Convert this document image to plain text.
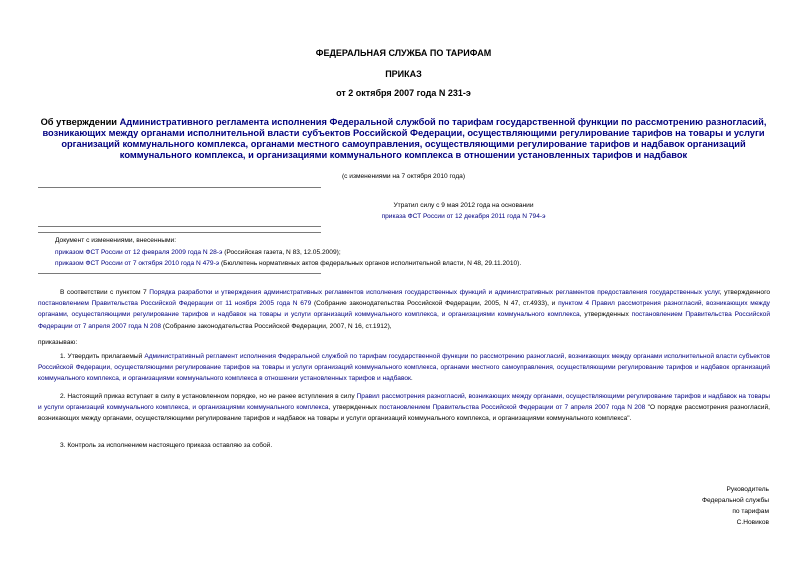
ФЕДЕРАЛЬНАЯ СЛУЖБА ПО ТАРИФАМ
ПРИКАЗ
от 2 октября 2007 года N 231-э
Об утверждении Административного регламента исполнения Федеральной службой по тарифам государственной функции по рассмотрению разногласий, возникающих между органами исполнительной власти субъектов Российской Федерации, осуществляющими регулирование тарифов на товары и услуги организаций коммунального комплекса, органами местного самоуправления, осуществляющими регулирование тарифов и надбавок организаций коммунального комплекса, и организациями коммунального комплекса в отношении установленных тарифов и надбавок
(с изменениями на 7 октября 2010 года)
Утратил силу с 9 мая 2012 года на основании
приказа ФСТ России от 12 декабря 2011 года N 794-э
Документ с изменениями, внесенными:
приказом ФСТ России от 12 февраля 2009 года N 28-э (Российская газета, N 83, 12.05.2009);
приказом ФСТ России от 7 октября 2010 года N 479-э (Бюллетень нормативных актов федеральных органов исполнительной власти, N 48, 29.11.2010).
В соответствии с пунктом 7 Порядка разработки и утверждения административных регламентов исполнения государственных функций и административных регламентов предоставления государственных услуг, утвержденного постановлением Правительства Российской Федерации от 11 ноября 2005 года N 679 (Собрание законодательства Российской Федерации, 2005, N 47, ст.4933), и пунктом 4 Правил рассмотрения разногласий, возникающих между органами, осуществляющими регулирование тарифов и надбавок на товары и услуги организаций коммунального комплекса, и организациями коммунального комплекса, утвержденных постановлением Правительства Российской Федерации от 7 апреля 2007 года N 208 (Собрание законодательства Российской Федерации, 2007, N 16, ст.1912),
приказываю:
1. Утвердить прилагаемый Административный регламент исполнения Федеральной службой по тарифам государственной функции по рассмотрению разногласий, возникающих между органами исполнительной власти субъектов Российской Федерации, осуществляющими регулирование тарифов на товары и услуги организаций коммунального комплекса, органами местного самоуправления, осуществляющими регулирование тарифов и надбавок организаций коммунального комплекса, и организациями коммунального комплекса в отношении установленных тарифов и надбавок.
2. Настоящий приказ вступает в силу в установленном порядке, но не ранее вступления в силу Правил рассмотрения разногласий, возникающих между органами, осуществляющими регулирование тарифов и надбавок на товары и услуги организаций коммунального комплекса, и организациями коммунального комплекса, утвержденных постановлением Правительства Российской Федерации от 7 апреля 2007 года N 208 "О порядке рассмотрения разногласий, возникающих между органами, осуществляющими регулирование тарифов и надбавок на товары и услуги организаций коммунального комплекса, и организациями коммунального комплекса".
3. Контроль за исполнением настоящего приказа оставляю за собой.
Руководитель
Федеральной службы
по тарифам
С.Новиков
